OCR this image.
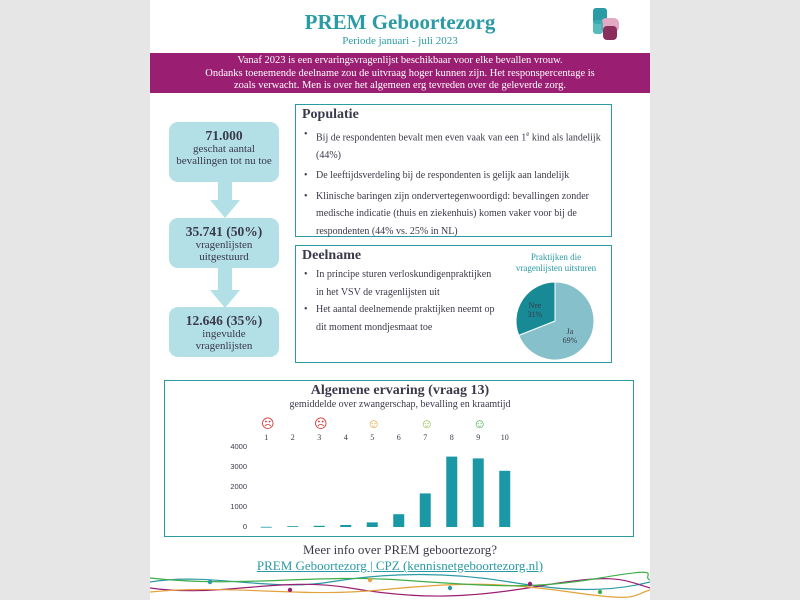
PREM Geboortezorg
Periode januari - juli 2023
Vanaf 2023 is een ervaringsvragenlijst beschikbaar voor elke bevallen vrouw.
Ondanks toenemende deelname zou de uitvraag hoger kunnen zijn. Het responspercentage is
zoals verwacht. Men is over het algemeen erg tevreden over de geleverde zorg.
71.000
geschat aantal
bevallingen tot nu toe
35.741 (50%)
vragenlijsten
uitgestuurd
12.646 (35%)
ingevulde
vragenlijsten
Populatie
• Bij de respondenten bevalt men even vaak van een 1e kind als landelijk (44%)
• De leeftijdsverdeling bij de respondenten is gelijk aan landelijk
• Klinische baringen zijn ondervertegenwoordigd: bevallingen zonder medische indicatie (thuis en ziekenhuis) komen vaker voor bij de respondenten (44% vs. 25% in NL)
Deelname
• In principe sturen verloskundigenpraktijken in het VSV de vragenlijsten uit
• Het aantal deelnemende praktijken neemt op dit moment mondjesmaat toe
Praktijken die
vragenlijsten uitsturen
Ja
69%
Nee
31%
Algemene ervaring (vraag 13)
gemiddelde over zwangerschap, bevalling en kraamtijd
☹	☹	☺	☺	☺
1	2	3	4	5	6	7	8	9	10
4000
3000
2000
1000
0
Meer info over PREM geboortezorg?
PREM Geboortezorg | CPZ (kennisnetgeboortezorg.nl)
